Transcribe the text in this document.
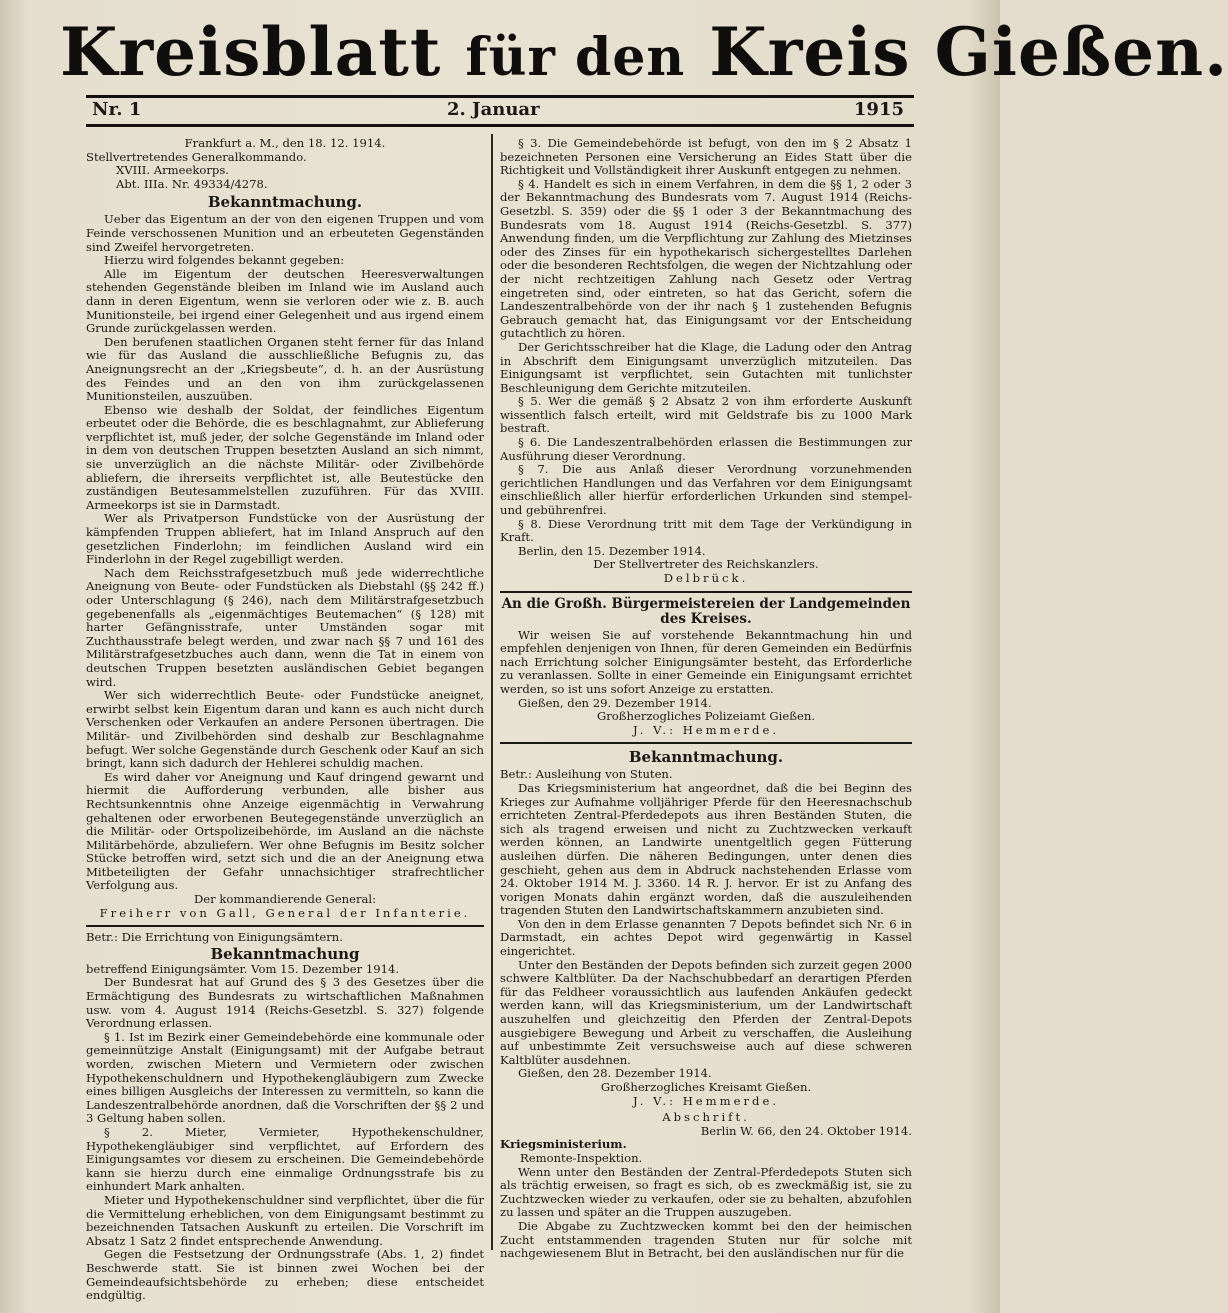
Kreisblatt für den Kreis Gießen.
Nr. 1	2. Januar	1915

Frankfurt a. M., den 18. 12. 1914.

Stellvertretendes Generalkommando.

XVIII. Armeekorps.

Abt. IIIa. Nr. 49334/4278.

Bekanntmachung.

Ueber das Eigentum an der von den eigenen Truppen und vom Feinde verschossenen Munition und an erbeuteten Gegenständen sind Zweifel hervorgetreten.

Hierzu wird folgendes bekannt gegeben:

Alle im Eigentum der deutschen Heeresverwaltungen stehenden Gegenstände bleiben im Inland wie im Ausland auch dann in deren Eigentum, wenn sie verloren oder wie z. B. auch Munitionsteile, bei irgend einer Gelegenheit und aus irgend einem Grunde zurückgelassen werden.

Den berufenen staatlichen Organen steht ferner für das Inland wie für das Ausland die ausschließliche Befugnis zu, das Aneignungsrecht an der „Kriegsbeute“, d. h. an der Ausrüstung des Feindes und an den von ihm zurückgelassenen Munitionsteilen, auszuüben.

Ebenso wie deshalb der Soldat, der feindliches Eigentum erbeutet oder die Behörde, die es beschlagnahmt, zur Ablieferung verpflichtet ist, muß jeder, der solche Gegenstände im Inland oder in dem von deutschen Truppen besetzten Ausland an sich nimmt, sie unverzüglich an die nächste Militär- oder Zivilbehörde abliefern, die ihrerseits verpflichtet ist, alle Beutestücke den zuständigen Beutesammelstellen zuzuführen. Für das XVIII. Armeekorps ist sie in Darmstadt.

Wer als Privatperson Fundstücke von der Ausrüstung der kämpfenden Truppen abliefert, hat im Inland Anspruch auf den gesetzlichen Finderlohn; im feindlichen Ausland wird ein Finderlohn in der Regel zugebilligt werden.

Nach dem Reichsstrafgesetzbuch muß jede widerrechtliche Aneignung von Beute- oder Fundstücken als Diebstahl (§§ 242 ff.) oder Unterschlagung (§ 246), nach dem Militärstrafgesetzbuch gegebenenfalls als „eigenmächtiges Beutemachen“ (§ 128) mit harter Gefängnisstrafe, unter Umständen sogar mit Zuchthausstrafe belegt werden, und zwar nach §§ 7 und 161 des Militärstrafgesetzbuches auch dann, wenn die Tat in einem von deutschen Truppen besetzten ausländischen Gebiet begangen wird.

Wer sich widerrechtlich Beute- oder Fundstücke aneignet, erwirbt selbst kein Eigentum daran und kann es auch nicht durch Verschenken oder Verkaufen an andere Personen übertragen. Die Militär- und Zivilbehörden sind deshalb zur Beschlagnahme befugt. Wer solche Gegenstände durch Geschenk oder Kauf an sich bringt, kann sich dadurch der Hehlerei schuldig machen.

Es wird daher vor Aneignung und Kauf dringend gewarnt und hiermit die Aufforderung verbunden, alle bisher aus Rechtsunkenntnis ohne Anzeige eigenmächtig in Verwahrung gehaltenen oder erworbenen Beutegegenstände unverzüglich an die Militär- oder Ortspolizeibehörde, im Ausland an die nächste Militärbehörde, abzuliefern. Wer ohne Befugnis im Besitz solcher Stücke betroffen wird, setzt sich und die an der Aneignung etwa Mitbeteiligten der Gefahr unnachsichtiger strafrechtlicher Verfolgung aus.

Der kommandierende General:

Freiherr von Gall, General der Infanterie.

Betr.: Die Errichtung von Einigungsämtern.

Bekanntmachung

betreffend Einigungsämter. Vom 15. Dezember 1914.

Der Bundesrat hat auf Grund des § 3 des Gesetzes über die Ermächtigung des Bundesrats zu wirtschaftlichen Maßnahmen usw. vom 4. August 1914 (Reichs-Gesetzbl. S. 327) folgende Verordnung erlassen.

§ 1. Ist im Bezirk einer Gemeindebehörde eine kommunale oder gemeinnützige Anstalt (Einigungsamt) mit der Aufgabe betraut worden, zwischen Mietern und Vermietern oder zwischen Hypothekenschuldnern und Hypothekengläubigern zum Zwecke eines billigen Ausgleichs der Interessen zu vermitteln, so kann die Landeszentralbehörde anordnen, daß die Vorschriften der §§ 2 und 3 Geltung haben sollen.

§ 2. Mieter, Vermieter, Hypothekenschuldner, Hypothekengläubiger sind verpflichtet, auf Erfordern des Einigungsamtes vor diesem zu erscheinen. Die Gemeindebehörde kann sie hierzu durch eine einmalige Ordnungsstrafe bis zu einhundert Mark anhalten.

Mieter und Hypothekenschuldner sind verpflichtet, über die für die Vermittelung erheblichen, von dem Einigungsamt bestimmt zu bezeichnenden Tatsachen Auskunft zu erteilen. Die Vorschrift im Absatz 1 Satz 2 findet entsprechende Anwendung.

Gegen die Festsetzung der Ordnungsstrafe (Abs. 1, 2) findet Beschwerde statt. Sie ist binnen zwei Wochen bei der Gemeindeaufsichtsbehörde zu erheben; diese entscheidet endgültig.

§ 3. Die Gemeindebehörde ist befugt, von den im § 2 Absatz 1 bezeichneten Personen eine Versicherung an Eides Statt über die Richtigkeit und Vollständigkeit ihrer Auskunft entgegen zu nehmen.

§ 4. Handelt es sich in einem Verfahren, in dem die §§ 1, 2 oder 3 der Bekanntmachung des Bundesrats vom 7. August 1914 (Reichs-Gesetzbl. S. 359) oder die §§ 1 oder 3 der Bekanntmachung des Bundesrats vom 18. August 1914 (Reichs-Gesetzbl. S. 377) Anwendung finden, um die Verpflichtung zur Zahlung des Mietzinses oder des Zinses für ein hypothekarisch sichergestelltes Darlehen oder die besonderen Rechtsfolgen, die wegen der Nichtzahlung oder der nicht rechtzeitigen Zahlung nach Gesetz oder Vertrag eingetreten sind, oder eintreten, so hat das Gericht, sofern die Landeszentralbehörde von der ihr nach § 1 zustehenden Befugnis Gebrauch gemacht hat, das Einigungsamt vor der Entscheidung gutachtlich zu hören.

Der Gerichtsschreiber hat die Klage, die Ladung oder den Antrag in Abschrift dem Einigungsamt unverzüglich mitzuteilen. Das Einigungsamt ist verpflichtet, sein Gutachten mit tunlichster Beschleunigung dem Gerichte mitzuteilen.

§ 5. Wer die gemäß § 2 Absatz 2 von ihm erforderte Auskunft wissentlich falsch erteilt, wird mit Geldstrafe bis zu 1000 Mark bestraft.

§ 6. Die Landeszentralbehörden erlassen die Bestimmungen zur Ausführung dieser Verordnung.

§ 7. Die aus Anlaß dieser Verordnung vorzunehmenden gerichtlichen Handlungen und das Verfahren vor dem Einigungsamt einschließlich aller hierfür erforderlichen Urkunden sind stempel- und gebührenfrei.

§ 8. Diese Verordnung tritt mit dem Tage der Verkündigung in Kraft.

Berlin, den 15. Dezember 1914.

Der Stellvertreter des Reichskanzlers.

Delbrück.

An die Großh. Bürgermeistereien der Landgemeinden des Kreises.

Wir weisen Sie auf vorstehende Bekanntmachung hin und empfehlen denjenigen von Ihnen, für deren Gemeinden ein Bedürfnis nach Errichtung solcher Einigungsämter besteht, das Erforderliche zu veranlassen. Sollte in einer Gemeinde ein Einigungsamt errichtet werden, so ist uns sofort Anzeige zu erstatten.

Gießen, den 29. Dezember 1914.

Großherzogliches Polizeiamt Gießen.

J. V.: Hemmerde.

Bekanntmachung.

Betr.: Ausleihung von Stuten.

Das Kriegsministerium hat angeordnet, daß die bei Beginn des Krieges zur Aufnahme volljähriger Pferde für den Heeresnachschub errichteten Zentral-Pferdedepots aus ihren Beständen Stuten, die sich als tragend erweisen und nicht zu Zuchtzwecken verkauft werden können, an Landwirte unentgeltlich gegen Fütterung ausleihen dürfen. Die näheren Bedingungen, unter denen dies geschieht, gehen aus dem in Abdruck nachstehenden Erlasse vom 24. Oktober 1914 M. J. 3360. 14 R. J. hervor. Er ist zu Anfang des vorigen Monats dahin ergänzt worden, daß die auszuleihenden tragenden Stuten den Landwirtschaftskammern anzubieten sind.

Von den in dem Erlasse genannten 7 Depots befindet sich Nr. 6 in Darmstadt, ein achtes Depot wird gegenwärtig in Kassel eingerichtet.

Unter den Beständen der Depots befinden sich zurzeit gegen 2000 schwere Kaltblüter. Da der Nachschubbedarf an derartigen Pferden für das Feldheer voraussichtlich aus laufenden Ankäufen gedeckt werden kann, will das Kriegsministerium, um der Landwirtschaft auszuhelfen und gleichzeitig den Pferden der Zentral-Depots ausgiebigere Bewegung und Arbeit zu verschaffen, die Ausleihung auf unbestimmte Zeit versuchsweise auch auf diese schweren Kaltblüter ausdehnen.

Gießen, den 28. Dezember 1914.

Großherzogliches Kreisamt Gießen.

J. V.: Hemmerde.

Abschrift.

Berlin W. 66, den 24. Oktober 1914.

Kriegsministerium.

Remonte-Inspektion.

Wenn unter den Beständen der Zentral-Pferdedepots Stuten sich als trächtig erweisen, so fragt es sich, ob es zweckmäßig ist, sie zu Zuchtzwecken wieder zu verkaufen, oder sie zu behalten, abzufohlen zu lassen und später an die Truppen auszugeben.

Die Abgabe zu Zuchtzwecken kommt bei den der heimischen Zucht entstammenden tragenden Stuten nur für solche mit nachgewiesenem Blut in Betracht, bei den ausländischen nur für die
